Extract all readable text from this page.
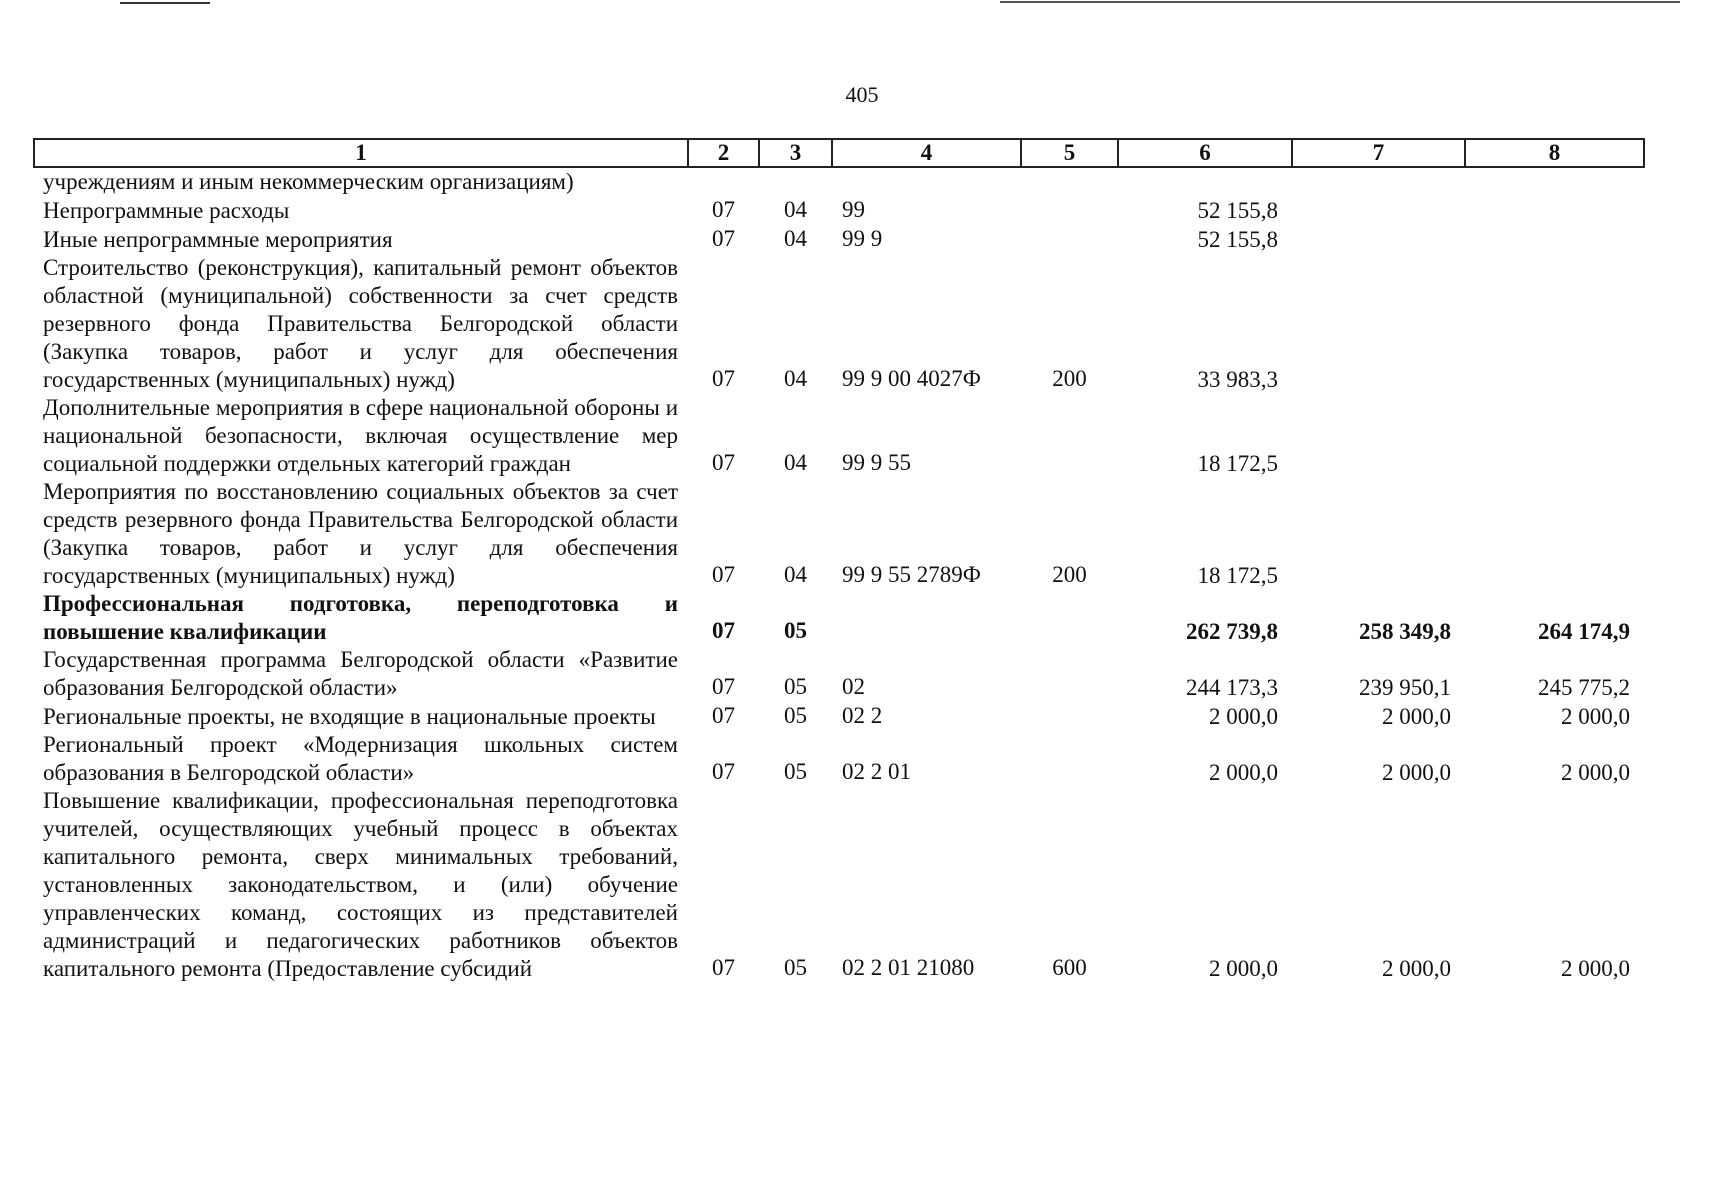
405
1	2	3	4	5	6	7	8
учреждениям и иным некоммерческим организациям)							
Непрограммные расходы	07	04	99		52 155,8		
Иные непрограммные мероприятия	07	04	99 9		52 155,8		
Строительство (реконструкция), капитальный ремонт объектов областной (муниципальной) собственности за счет средств резервного фонда Правительства Белгородской области (Закупка товаров, работ и услуг для обеспечения государственных (муниципальных) нужд)	07	04	99 9 00 4027Ф	200	33 983,3		
Дополнительные мероприятия в сфере национальной обороны и национальной безопасности, включая осуществление мер социальной поддержки отдельных категорий граждан	07	04	99 9 55		18 172,5		
Мероприятия по восстановлению социальных объектов за счет средств резервного фонда Правительства Белгородской области (Закупка товаров, работ и услуг для обеспечения государственных (муниципальных) нужд)	07	04	99 9 55 2789Ф	200	18 172,5		
Профессиональная подготовка, переподготовка и повышение квалификации	07	05			262 739,8	258 349,8	264 174,9
Государственная программа Белгородской области «Развитие образования Белгородской области»	07	05	02		244 173,3	239 950,1	245 775,2
Региональные проекты, не входящие в национальные проекты	07	05	02 2		2 000,0	2 000,0	2 000,0
Региональный проект «Модернизация школьных систем образования в Белгородской области»	07	05	02 2 01		2 000,0	2 000,0	2 000,0
Повышение квалификации, профессиональная переподготовка учителей, осуществляющих учебный процесс в объектах капитального ремонта, сверх минимальных требований, установленных законодательством, и (или) обучение управленческих команд, состоящих из представителей администраций и педагогических работников объектов капитального ремонта (Предоставление субсидий	07	05	02 2 01 21080	600	2 000,0	2 000,0	2 000,0
